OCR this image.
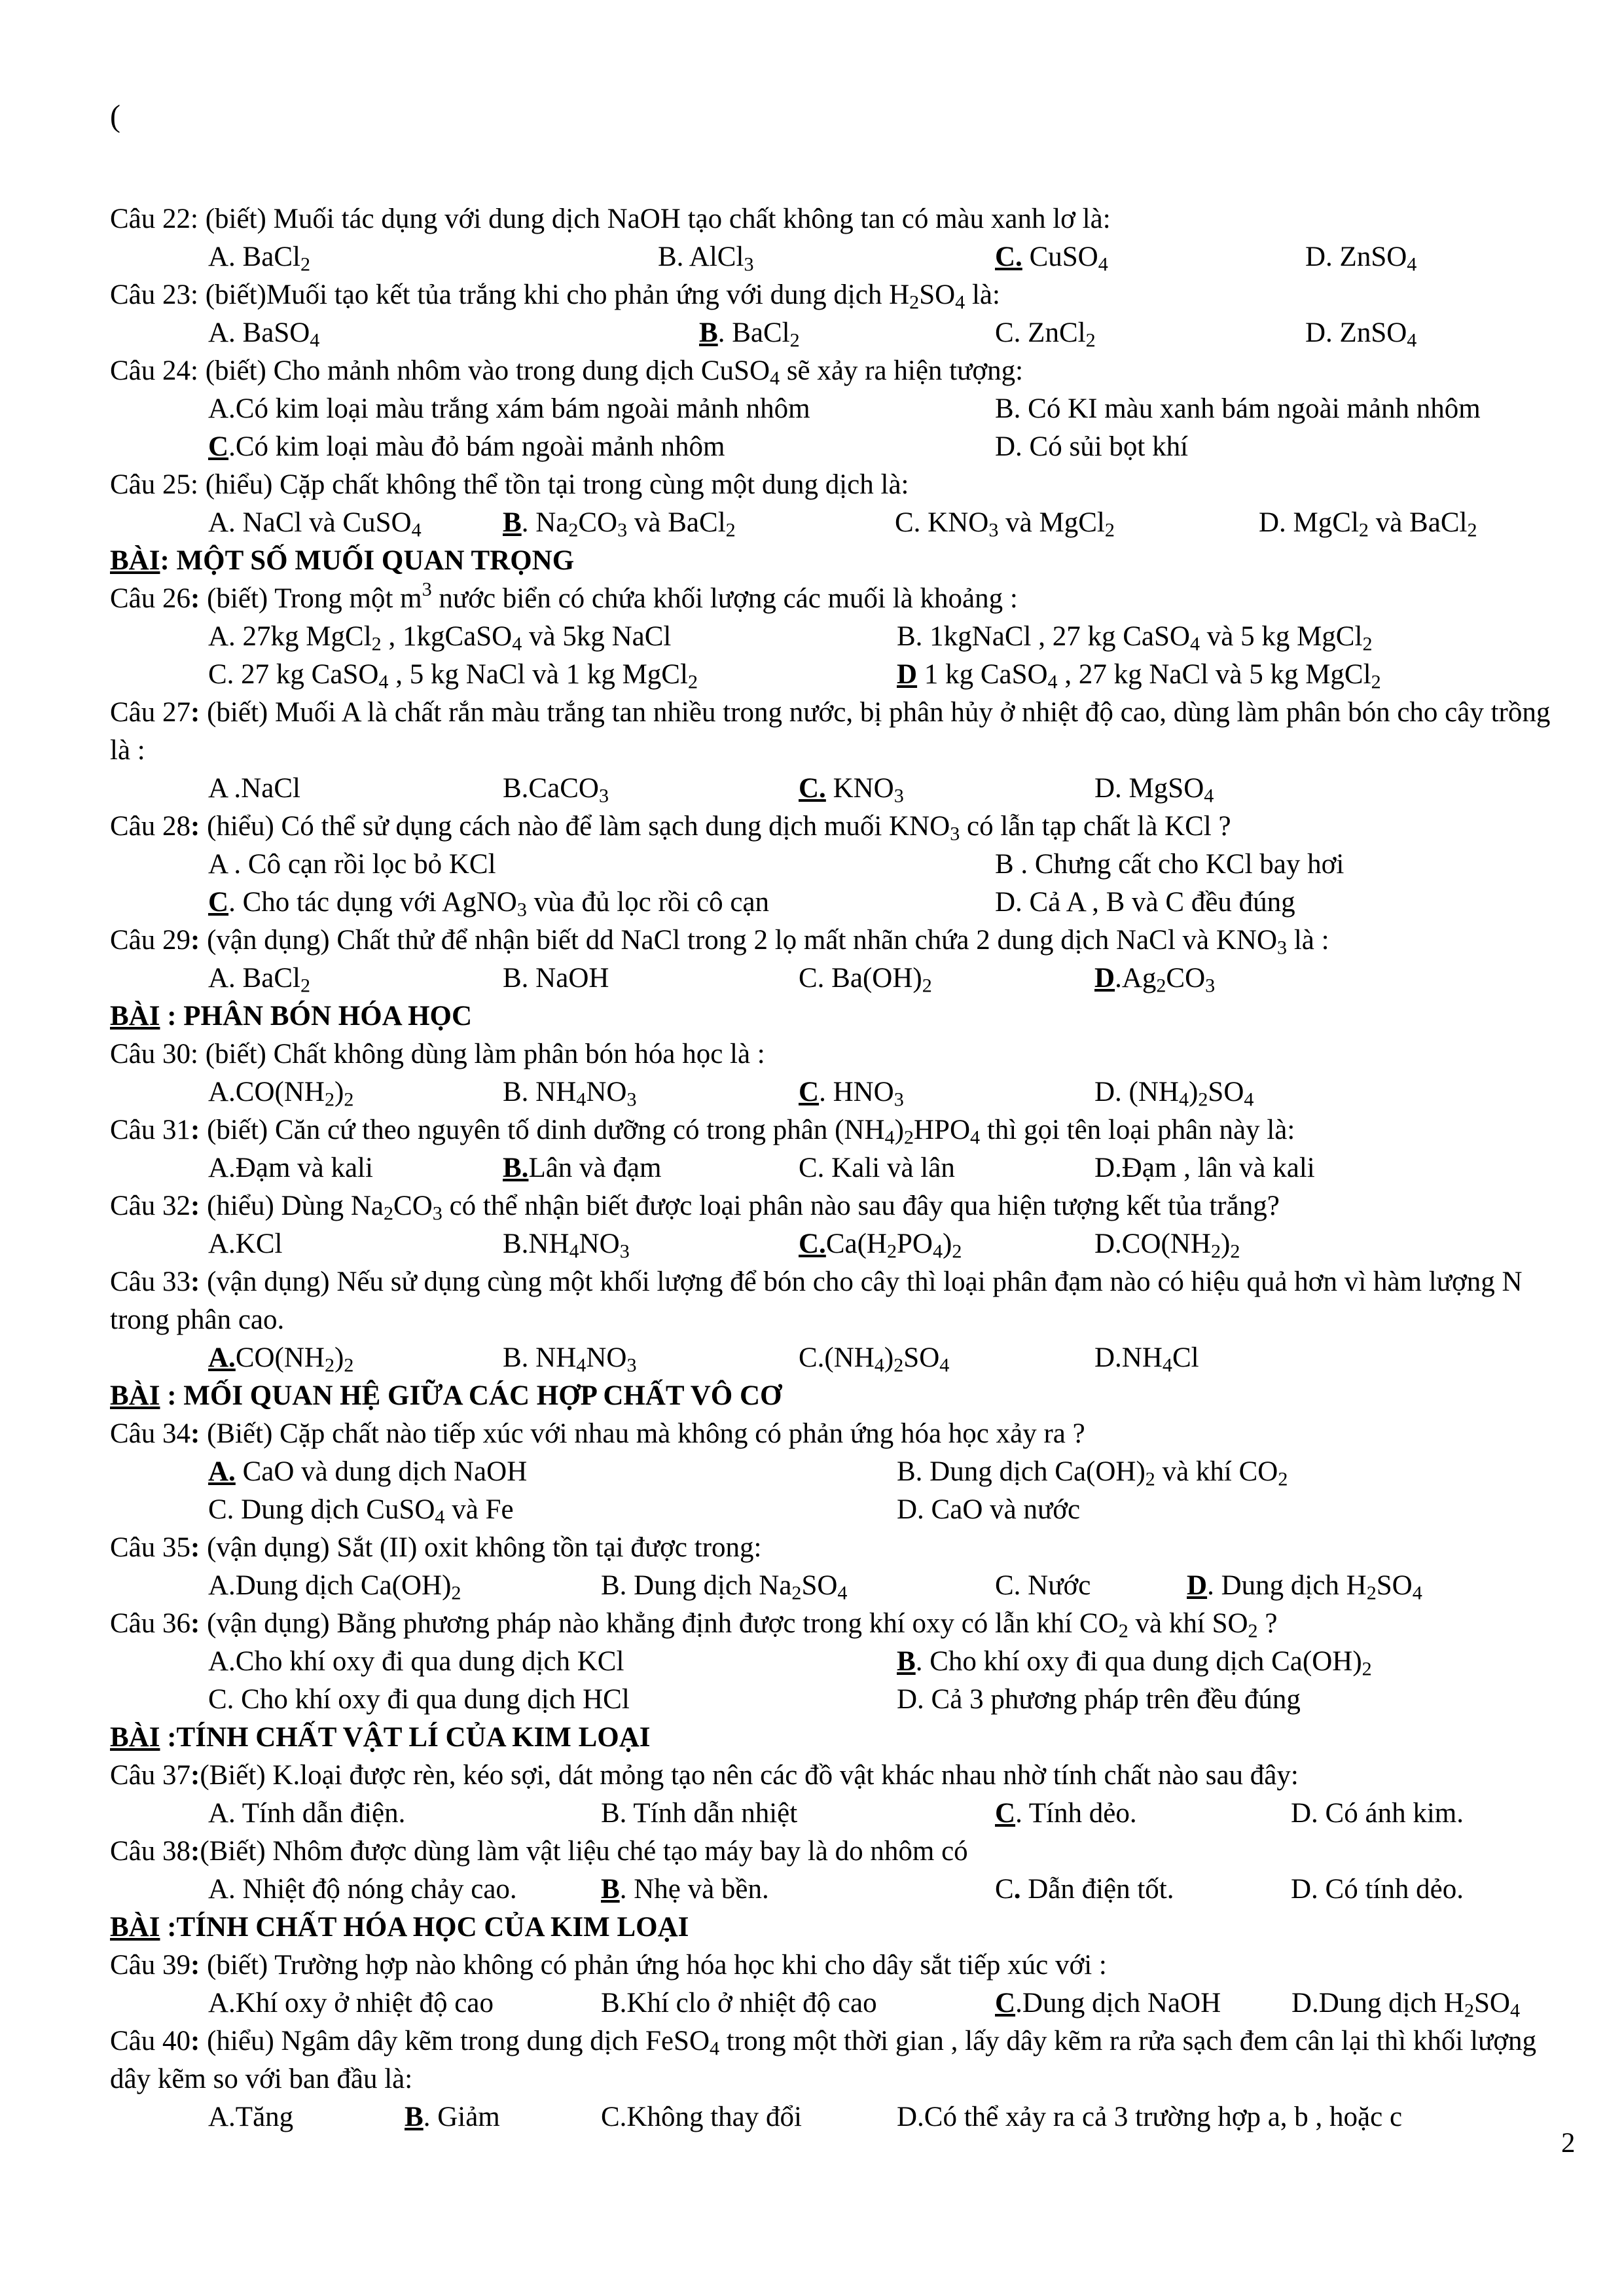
(
Câu 22: (biết) Muối tác dụng với dung dịch NaOH tạo chất không tan có màu xanh lơ là:
A. BaCl$_2$	B. AlCl$_3$	C. CuSO$_4$	D. ZnSO$_4$
Câu 23: (biết)Muối tạo kết tủa trắng khi cho phản ứng với dung dịch $H_2SO_4$ là:
A. BaSO$_4$	B. BaCl$_2$	C. ZnCl$_2$	D. ZnSO$_4$
Câu 24: (biết) Cho mảnh nhôm vào trong dung dịch CuSO$_4$ sẽ xảy ra hiện tượng:
A.Có kim loại màu trắng xám bám ngoài mảnh nhôm	B. Có KI màu xanh bám ngoài mảnh nhôm
C.Có kim loại màu đỏ bám ngoài mảnh nhôm	D. Có sủi bọt khí
Câu 25: (hiểu) Cặp chất không thể tồn tại trong cùng một dung dịch là:
A. NaCl và CuSO$_4$	B. $Na_2CO_3$ và BaCl$_2$	C. $KNO_3$ và MgCl$_2$	D. MgCl$_2$ và BaCl$_2$
BÀI: MỘT SỐ MUỐI QUAN TRỌNG
Câu 26: (biết) Trong một $m^3$ nước biển có chứa khối lượng các muối là khoảng :
A. 27kg MgCl$_2$ , 1kgCaSO$_4$ và 5kg NaCl	B. 1kgNaCl , 27 kg CaSO$_4$ và 5 kg MgCl$_2$
C. 27 kg CaSO$_4$ , 5 kg NaCl và 1 kg MgCl$_2$	D 1 kg CaSO$_4$ , 27 kg NaCl và 5 kg MgCl$_2$
Câu 27: (biết) Muối A là chất rắn màu trắng tan nhiều trong nước, bị phân hủy ở nhiệt độ cao, dùng làm phân bón cho cây trồng là :
A .NaCl	B.CaCO$_3$	C. $KNO_3$	D. MgSO$_4$
Câu 28: (hiểu) Có thể sử dụng cách nào để làm sạch dung dịch muối $KNO_3$ có lẫn tạp chất là KCl ?
A . Cô cạn rồi lọc bỏ KCl	B . Chưng cất cho KCl bay hơi
C. Cho tác dụng với AgNO$_3$ vùa đủ lọc rồi cô cạn	D. Cả A , B và C đều đúng
Câu 29: (vận dụng) Chất thử để nhận biết dd NaCl trong 2 lọ mất nhãn chứa 2 dung dịch NaCl và $KNO_3$ là :
A. BaCl$_2$	B. NaOH	C. $Ba(OH)_2$	$D.Ag_2CO_3$
BÀI : PHÂN BÓN HÓA HỌC
Câu 30: (biết) Chất không dùng làm phân bón hóa học là :
$A.CO(NH_2)_2$	B. $NH_4NO_3$	C. $HNO_3$	D. $(NH_4)_2SO_4$
Câu 31: (biết) Căn cứ theo nguyên tố dinh dưỡng có trong phân $(NH_4)_2HPO_4$ thì gọi tên loại phân này là:
A.Đạm và kali	B.Lân và đạm	C. Kali và lân	D.Đạm , lân và kali
Câu 32: (hiểu) Dùng $Na_2CO_3$ có thể nhận biết được loại phân nào sau đây qua hiện tượng kết tủa trắng?
A.KCl	$B.NH_4NO_3$	$C.Ca(H_2PO_4)_2$	$D.CO(NH_2)_2$
Câu 33: (vận dụng) Nếu sử dụng cùng một khối lượng để bón cho cây thì loại phân đạm nào có hiệu quả hơn vì hàm lượng N trong phân cao.
$A.CO(NH_2)_2$	B. $NH_4NO_3$	$C.(NH_4)_2SO_4$	$D.NH_4Cl$
BÀI : MỐI QUAN HỆ GIỮA CÁC HỢP CHẤT VÔ CƠ
Câu 34: (Biết) Cặp chất nào tiếp xúc với nhau mà không có phản ứng hóa học xảy ra ?
A. CaO và dung dịch NaOH	B. Dung dịch $Ca(OH)_2$ và khí $CO_2$
C. Dung dịch CuSO$_4$ và Fe	D. CaO và nước
Câu 35: (vận dụng) Sắt (II) oxit không tồn tại được trong:
A.Dung dịch $Ca(OH)_2$	B. Dung dịch $Na_2SO_4$	C. Nước	D. Dung dịch $H_2SO_4$
Câu 36: (vận dụng) Bằng phương pháp nào khẳng định được trong khí oxy có lẫn khí $CO_2$ và khí $SO_2$ ?
A.Cho khí oxy đi qua dung dịch KCl	B. Cho khí oxy đi qua dung dịch $Ca(OH)_2$
C. Cho khí oxy đi qua dung dịch HCl	D. Cả 3 phương pháp trên đều đúng
BÀI :TÍNH CHẤT VẬT LÍ CỦA KIM LOẠI
Câu 37:(Biết) K.loại được rèn, kéo sợi, dát mỏng tạo nên các đồ vật khác nhau nhờ tính chất nào sau đây:
A. Tính dẫn điện.	B. Tính dẫn nhiệt	C. Tính dẻo.	D. Có ánh kim.
Câu 38:(Biết) Nhôm được dùng làm vật liệu ché tạo máy bay là do nhôm có
A. Nhiệt độ nóng chảy cao.	B. Nhẹ và bền.	C. Dẫn điện tốt.	D. Có tính dẻo.
BÀI :TÍNH CHẤT HÓA HỌC CỦA KIM LOẠI
Câu 39: (biết) Trường hợp nào không có phản ứng hóa học khi cho dây sắt tiếp xúc với :
A.Khí oxy ở nhiệt độ cao	B.Khí clo ở nhiệt độ cao	C.Dung dịch NaOH	D.Dung dịch $H_2SO_4$
Câu 40: (hiểu) Ngâm dây kẽm trong dung dịch FeSO$_4$ trong một thời gian , lấy dây kẽm ra rửa sạch đem cân lại thì khối lượng dây kẽm so với ban đầu là:
A.Tăng	B. Giảm	C.Không thay đổi	D.Có thể xảy ra cả 3 trường hợp a, b , hoặc c
2
